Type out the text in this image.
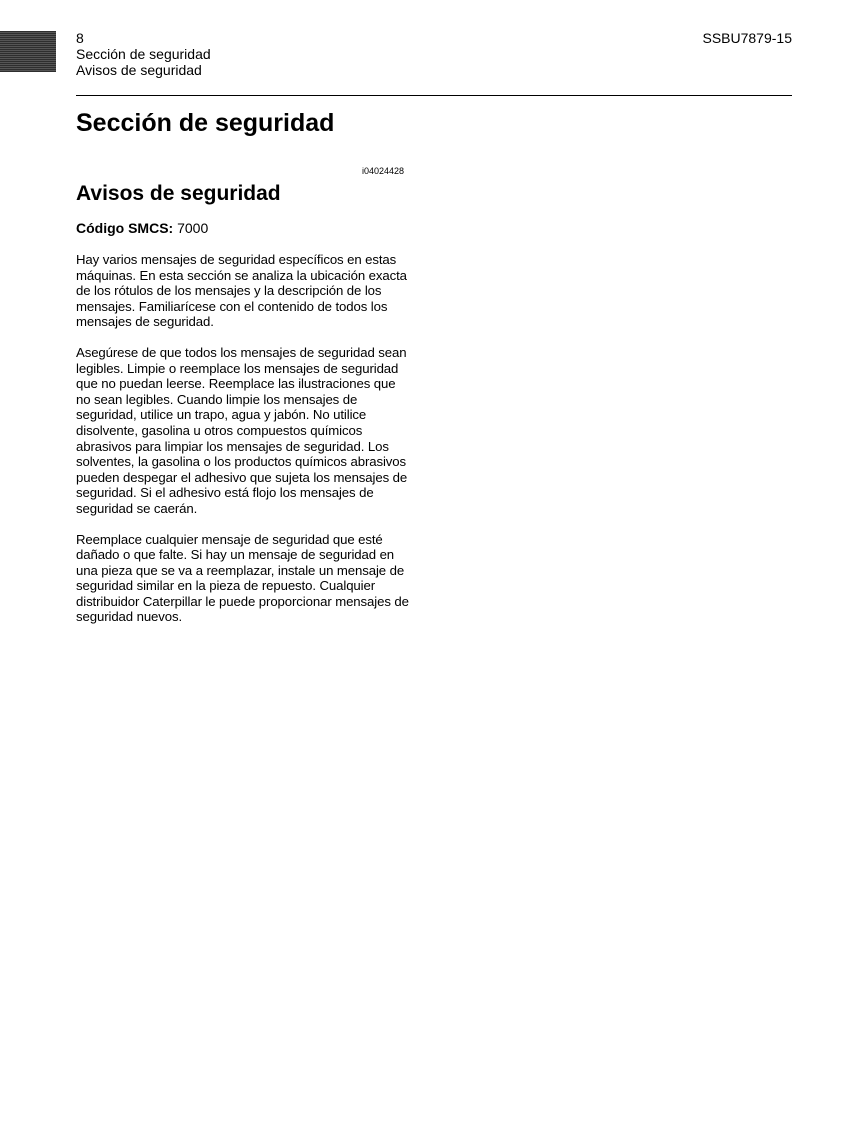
8
Sección de seguridad
Avisos de seguridad
SSBU7879-15
Sección de seguridad
i04024428
Avisos de seguridad
Código SMCS: 7000

Hay varios mensajes de seguridad específicos en estas máquinas. En esta sección se analiza la ubicación exacta de los rótulos de los mensajes y la descripción de los mensajes. Familiarícese con el contenido de todos los mensajes de seguridad.

Asegúrese de que todos los mensajes de seguridad sean legibles. Limpie o reemplace los mensajes de seguridad que no puedan leerse. Reemplace las ilustraciones que no sean legibles. Cuando limpie los mensajes de seguridad, utilice un trapo, agua y jabón. No utilice disolvente, gasolina u otros compuestos químicos abrasivos para limpiar los mensajes de seguridad. Los solventes, la gasolina o los productos químicos abrasivos pueden despegar el adhesivo que sujeta los mensajes de seguridad. Si el adhesivo está flojo los mensajes de seguridad se caerán.

Reemplace cualquier mensaje de seguridad que esté dañado o que falte. Si hay un mensaje de seguridad en una pieza que se va a reemplazar, instale un mensaje de seguridad similar en la pieza de repuesto. Cualquier distribuidor Caterpillar le puede proporcionar mensajes de seguridad nuevos.
